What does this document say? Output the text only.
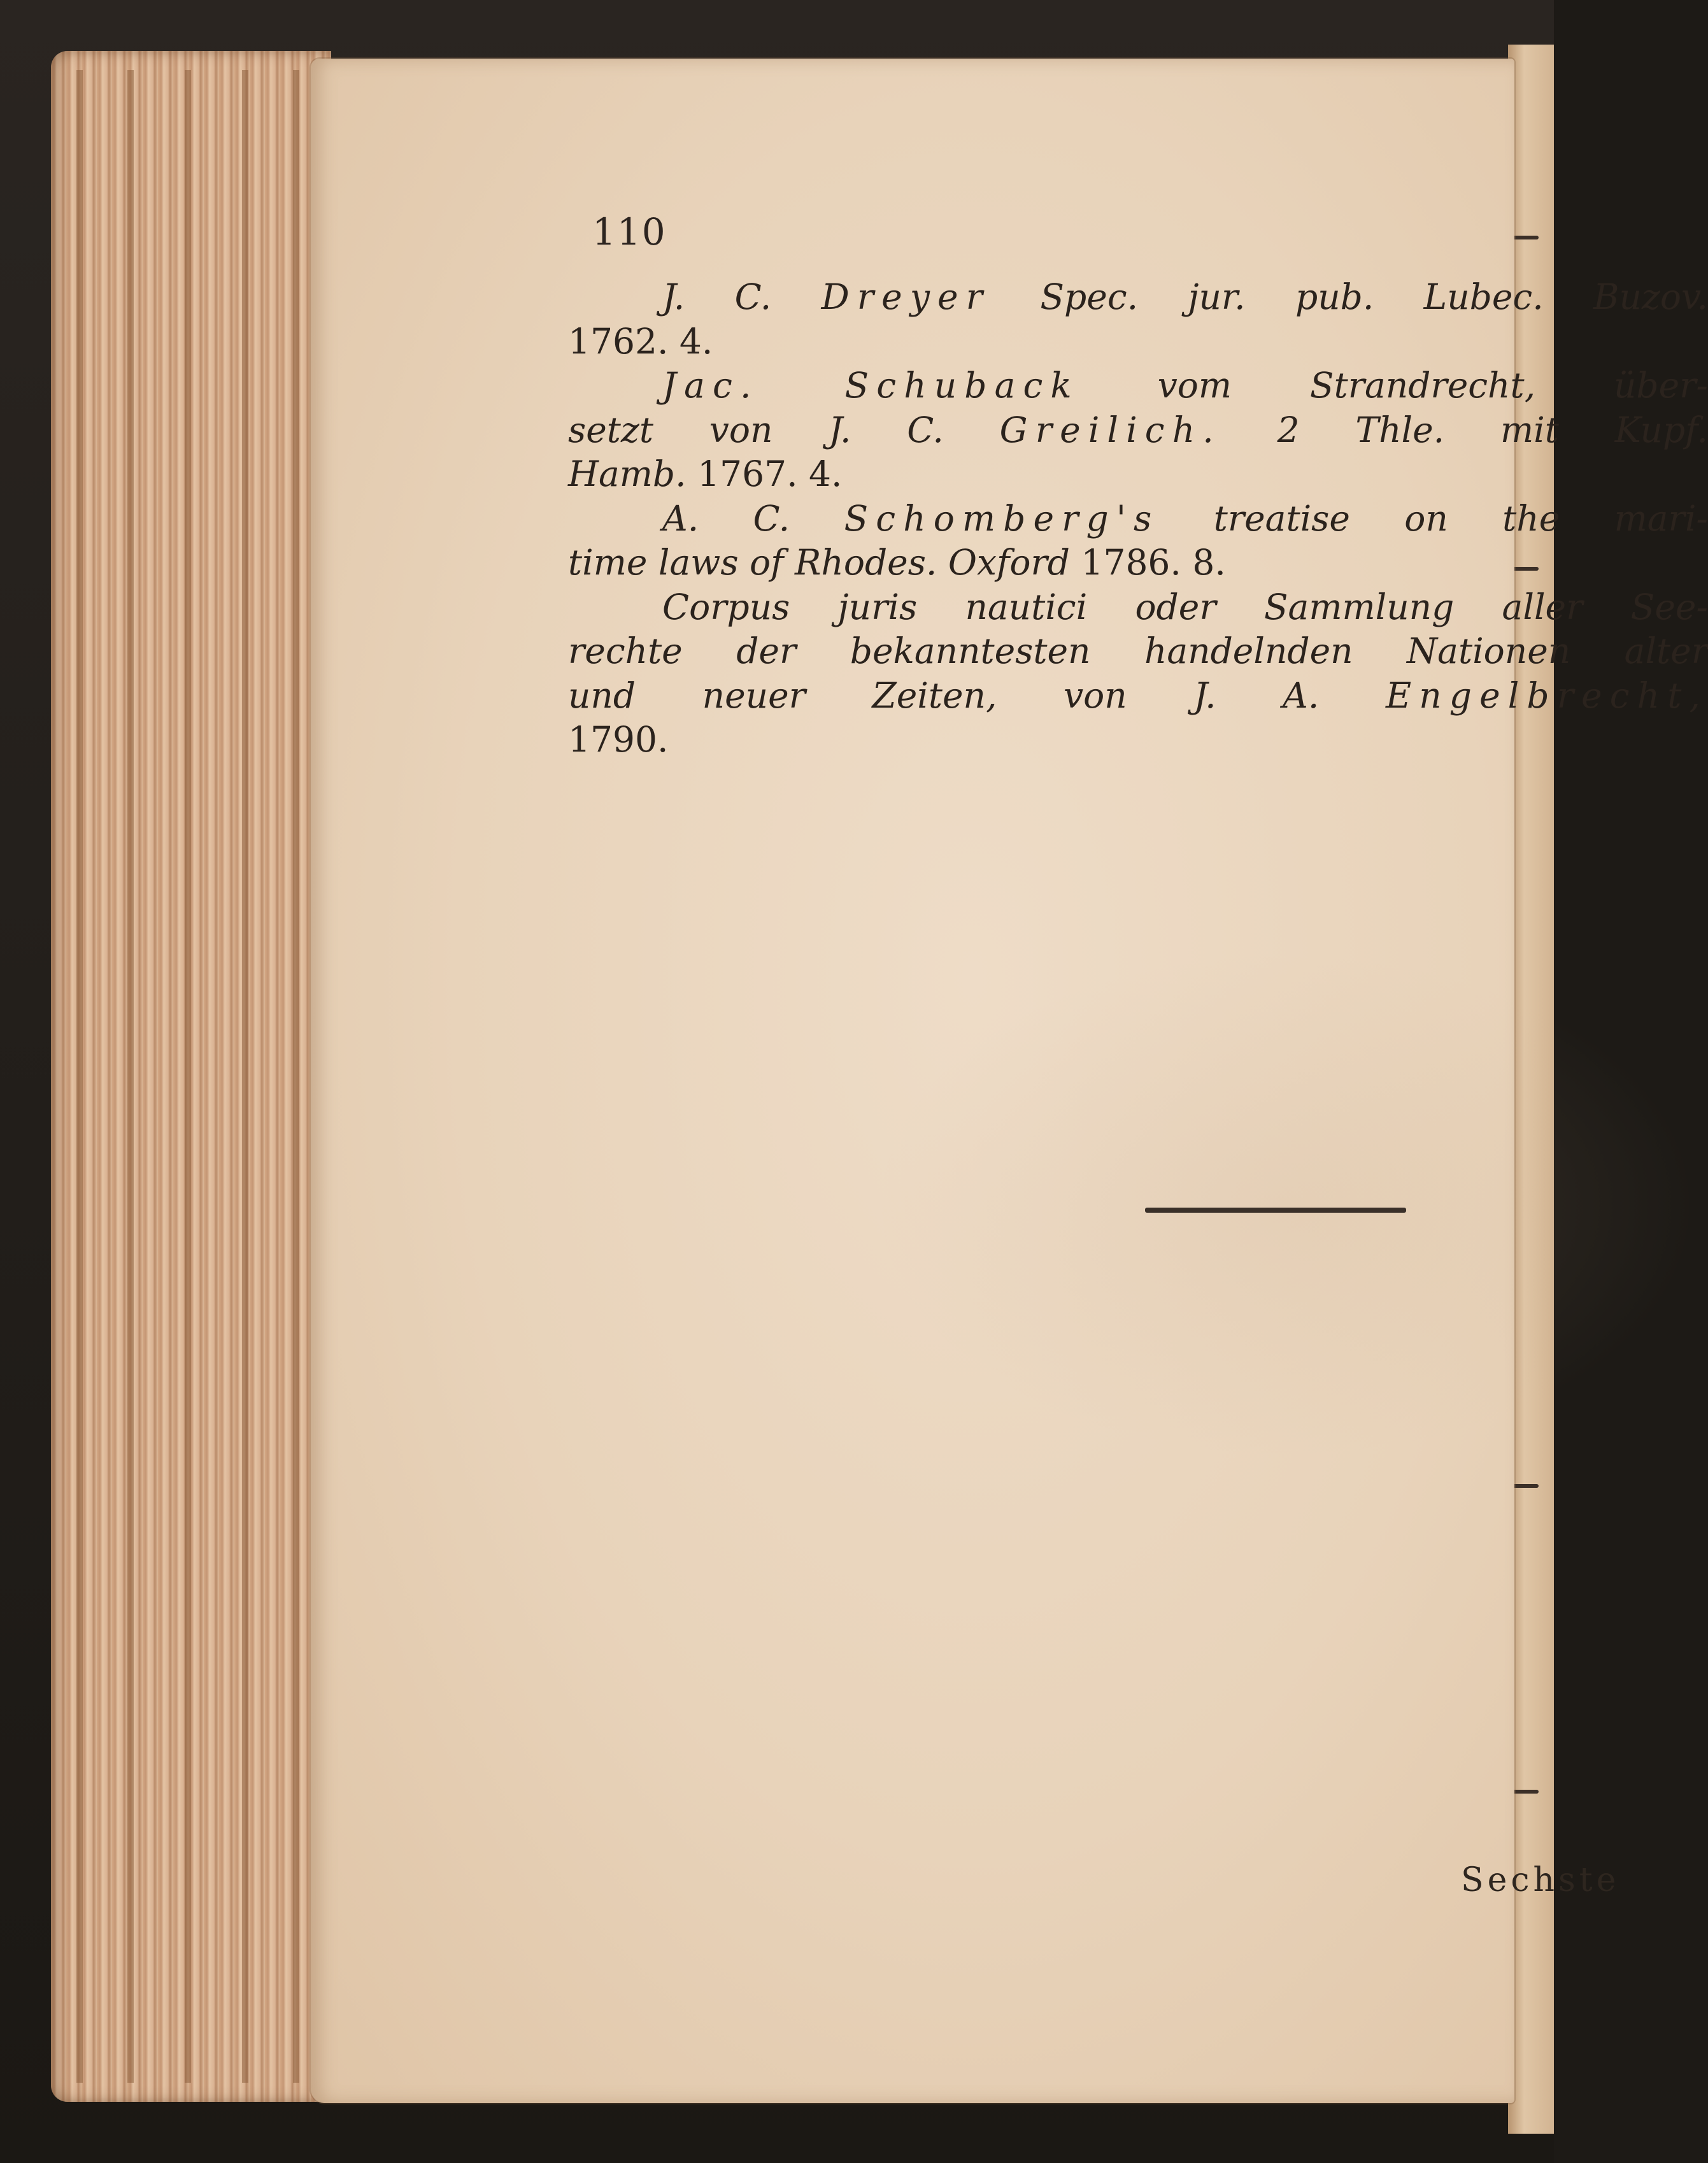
110
J. C. Dreyer Spec. jur. pub. Lubec. Buzov.
1762. 4.
Jac. Schuback vom Strandrecht, über-
setzt von J. C. Greilich. 2 Thle. mit Kupf.
Hamb. 1767. 4.
A. C. Schomberg's treatise on the mari-
time laws of Rhodes. Oxford 1786. 8.
Corpus juris nautici oder Sammlung aller See-
rechte der bekanntesten handelnden Nationen alter
und neuer Zeiten, von J. A. Engelbrecht,
1790.
Sechste
